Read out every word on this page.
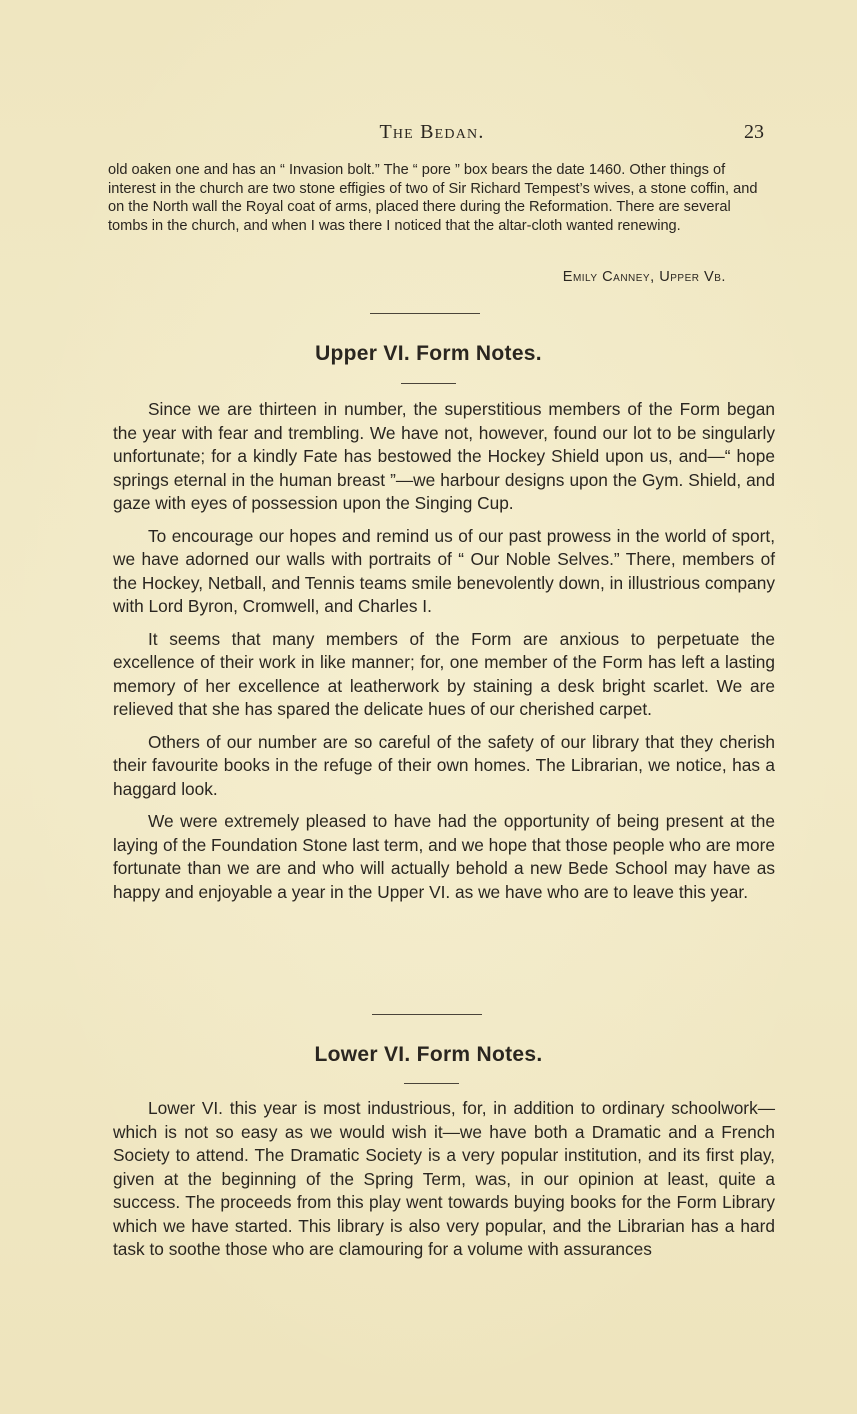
The Bedan.	23

old oaken one and has an “ Invasion bolt.” The “ pore ” box bears the date 1460. Other things of interest in the church are two stone effigies of two of Sir Richard Tempest’s wives, a stone coffin, and on the North wall the Royal coat of arms, placed there during the Reformation. There are several tombs in the church, and when I was there I noticed that the altar-cloth wanted renewing.

Emily Canney, Upper Vb.
Upper VI. Form Notes.

Since we are thirteen in number, the superstitious members of the Form began the year with fear and trembling. We have not, however, found our lot to be singularly unfortunate; for a kindly Fate has bestowed the Hockey Shield upon us, and—“ hope springs eternal in the human breast ”—we harbour designs upon the Gym. Shield, and gaze with eyes of possession upon the Singing Cup.

To encourage our hopes and remind us of our past prowess in the world of sport, we have adorned our walls with portraits of “ Our Noble Selves.” There, members of the Hockey, Netball, and Tennis teams smile benevolently down, in illustrious company with Lord Byron, Cromwell, and Charles I.

It seems that many members of the Form are anxious to perpetuate the excellence of their work in like manner; for, one member of the Form has left a lasting memory of her excellence at leatherwork by staining a desk bright scarlet. We are relieved that she has spared the delicate hues of our cherished carpet.

Others of our number are so careful of the safety of our library that they cherish their favourite books in the refuge of their own homes. The Librarian, we notice, has a haggard look.

We were extremely pleased to have had the opportunity of being present at the laying of the Foundation Stone last term, and we hope that those people who are more fortunate than we are and who will actually behold a new Bede School may have as happy and enjoyable a year in the Upper VI. as we have who are to leave this year.

Lower VI. Form Notes.

Lower VI. this year is most industrious, for, in addition to ordinary schoolwork—which is not so easy as we would wish it—we have both a Dramatic and a French Society to attend. The Dramatic Society is a very popular institution, and its first play, given at the beginning of the Spring Term, was, in our opinion at least, quite a success. The proceeds from this play went towards buying books for the Form Library which we have started. This library is also very popular, and the Librarian has a hard task to soothe those who are clamouring for a volume with assurances
